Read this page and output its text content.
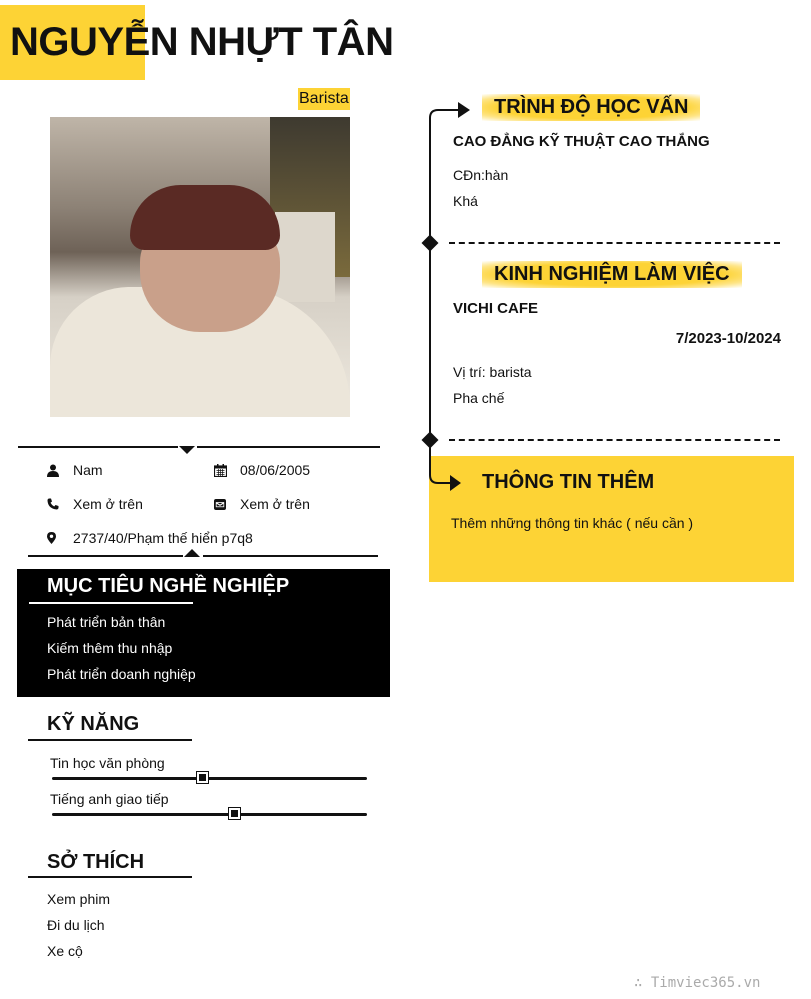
NGUYỄN NHỰT TÂN
Barista
Nam	08/06/2005
Xem ở trên	Xem ở trên
2737/40/Phạm thế hiển p7q8
MỤC TIÊU NGHỀ NGHIỆP
Phát triển bản thân
Kiếm thêm thu nhập
Phát triển doanh nghiệp
KỸ NĂNG
Tin học văn phòng
Tiếng anh giao tiếp
SỞ THÍCH
Xem phim
Đi du lịch
Xe cộ
TRÌNH ĐỘ HỌC VẤN
CAO ĐẲNG KỸ THUẬT CAO THẮNG
CĐn:hàn
Khá
KINH NGHIỆM LÀM VIỆC
VICHI CAFE
7/2023-10/2024
Vị trí: barista
Pha chế
THÔNG TIN THÊM
Thêm những thông tin khác ( nếu cần )
∴ Timviec365.vn
